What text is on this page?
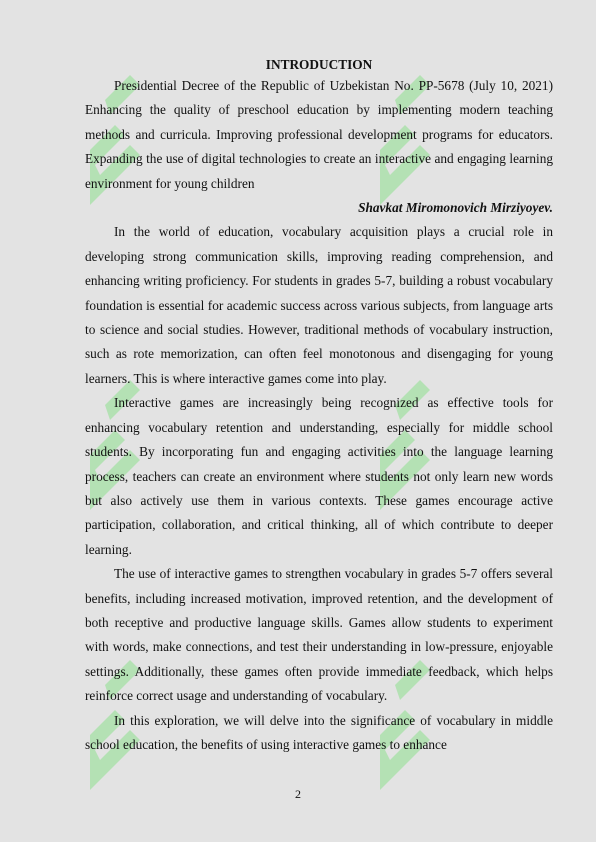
INTRODUCTION

Presidential Decree of the Republic of Uzbekistan No. PP-5678 (July 10, 2021) Enhancing the quality of preschool education by implementing modern teaching methods and curricula. Improving professional development programs for educators. Expanding the use of digital technologies to create an interactive and engaging learning environment for young children

Shavkat Miromonovich Mirziyoyev.

In the world of education, vocabulary acquisition plays a crucial role in developing strong communication skills, improving reading comprehension, and enhancing writing proficiency. For students in grades 5-7, building a robust vocabulary foundation is essential for academic success across various subjects, from language arts to science and social studies. However, traditional methods of vocabulary instruction, such as rote memorization, can often feel monotonous and disengaging for young learners. This is where interactive games come into play.

Interactive games are increasingly being recognized as effective tools for enhancing vocabulary retention and understanding, especially for middle school students. By incorporating fun and engaging activities into the language learning process, teachers can create an environment where students not only learn new words but also actively use them in various contexts. These games encourage active participation, collaboration, and critical thinking, all of which contribute to deeper learning.

The use of interactive games to strengthen vocabulary in grades 5-7 offers several benefits, including increased motivation, improved retention, and the development of both receptive and productive language skills. Games allow students to experiment with words, make connections, and test their understanding in low-pressure, enjoyable settings. Additionally, these games often provide immediate feedback, which helps reinforce correct usage and understanding of vocabulary.

In this exploration, we will delve into the significance of vocabulary in middle school education, the benefits of using interactive games to enhance

2
